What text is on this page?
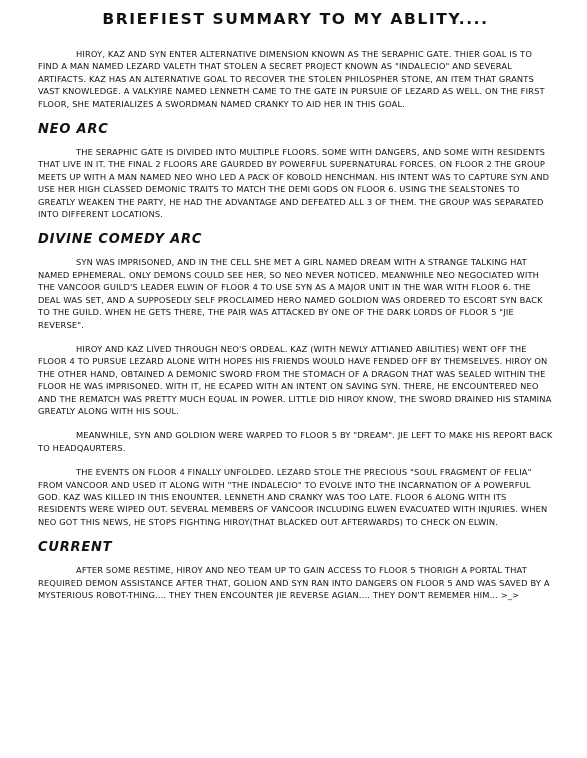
BRIEFIEST SUMMARY TO MY ABLITY....

HIROY, KAZ AND SYN ENTER ALTERNATIVE DIMENSION KNOWN AS THE SERAPHIC GATE. THIER GOAL IS TO FIND A MAN NAMED LEZARD VALETH THAT STOLEN A SECRET PROJECT KNOWN AS "INDALECIO" AND SEVERAL ARTIFACTS. KAZ HAS AN ALTERNATIVE GOAL TO RECOVER THE STOLEN PHILOSPHER STONE, AN ITEM THAT GRANTS VAST KNOWLEDGE. A VALKYIRE NAMED LENNETH CAME TO THE GATE IN PURSUIE OF LEZARD AS WELL. ON THE FIRST FLOOR, SHE MATERIALIZES A SWORDMAN NAMED CRANKY TO AID HER IN THIS GOAL.

NEO ARC

THE SERAPHIC GATE IS DIVIDED INTO MULTIPLE FLOORS. SOME WITH DANGERS, AND SOME WITH RESIDENTS THAT LIVE IN IT. THE FINAL 2 FLOORS ARE GAURDED BY POWERFUL SUPERNATURAL FORCES. ON FLOOR 2 THE GROUP MEETS UP WITH A MAN NAMED NEO WHO LED A PACK OF KOBOLD HENCHMAN. HIS INTENT WAS TO CAPTURE SYN AND USE HER HIGH CLASSED DEMONIC TRAITS TO MATCH THE DEMI GODS ON FLOOR 6. USING THE SEALSTONES TO GREATLY WEAKEN THE PARTY, HE HAD THE ADVANTAGE AND DEFEATED ALL 3 OF THEM. THE GROUP WAS SEPARATED INTO DIFFERENT LOCATIONS.

DIVINE COMEDY ARC

SYN WAS IMPRISONED, AND IN THE CELL SHE MET A GIRL NAMED DREAM WITH A STRANGE TALKING HAT NAMED EPHEMERAL. ONLY DEMONS COULD SEE HER, SO NEO NEVER NOTICED. MEANWHILE NEO NEGOCIATED WITH THE VANCOOR GUILD'S LEADER ELWIN OF FLOOR 4 TO USE SYN AS A MAJOR UNIT IN THE WAR WITH FLOOR 6. THE DEAL WAS SET, AND A SUPPOSEDLY SELF PROCLAIMED HERO NAMED GOLDION WAS ORDERED TO ESCORT SYN BACK TO THE GUILD. WHEN HE GETS THERE, THE PAIR WAS ATTACKED BY ONE OF THE DARK LORDS OF FLOOR 5 "JIE REVERSE".

HIROY AND KAZ LIVED THROUGH NEO'S ORDEAL. KAZ (WITH NEWLY ATTIANED ABILITIES) WENT OFF THE FLOOR 4 TO PURSUE LEZARD ALONE WITH HOPES HIS FRIENDS WOULD HAVE FENDED OFF BY THEMSELVES. HIROY ON THE OTHER HAND, OBTAINED A DEMONIC SWORD FROM THE STOMACH OF A DRAGON THAT WAS SEALED WITHIN THE FLOOR HE WAS IMPRISONED. WITH IT, HE ECAPED WITH AN INTENT ON SAVING SYN. THERE, HE ENCOUNTERED NEO AND THE REMATCH WAS PRETTY MUCH EQUAL IN POWER. LITTLE DID HIROY KNOW, THE SWORD DRAINED HIS STAMINA GREATLY ALONG WITH HIS SOUL.

MEANWHILE, SYN AND GOLDION WERE WARPED TO FLOOR 5 BY "DREAM". JIE LEFT TO MAKE HIS REPORT BACK TO HEADQAURTERS.

THE EVENTS ON FLOOR 4 FINALLY UNFOLDED. LEZARD STOLE THE PRECIOUS "SOUL FRAGMENT OF FELIA" FROM VANCOOR AND USED IT ALONG WITH "THE INDALECIO" TO EVOLVE INTO THE INCARNATION OF A POWERFUL GOD. KAZ WAS KILLED IN THIS ENOUNTER. LENNETH AND CRANKY WAS TOO LATE. FLOOR 6 ALONG WITH ITS RESIDENTS WERE WIPED OUT. SEVERAL MEMBERS OF VANCOOR INCLUDING ELWEN EVACUATED WITH INJURIES. WHEN NEO GOT THIS NEWS, HE STOPS FIGHTING HIROY(THAT BLACKED OUT AFTERWARDS) TO CHECK ON ELWIN.

CURRENT

AFTER SOME RESTIME, HIROY AND NEO TEAM UP TO GAIN ACCESS TO FLOOR 5 THORIGH A PORTAL THAT REQUIRED DEMON ASSISTANCE AFTER THAT, GOLION AND SYN RAN INTO DANGERS ON FLOOR 5 AND WAS SAVED BY A MYSTERIOUS ROBOT-THING.... THEY THEN ENCOUNTER JIE REVERSE AGIAN.... THEY DON'T REMEMER HIM... >_>
